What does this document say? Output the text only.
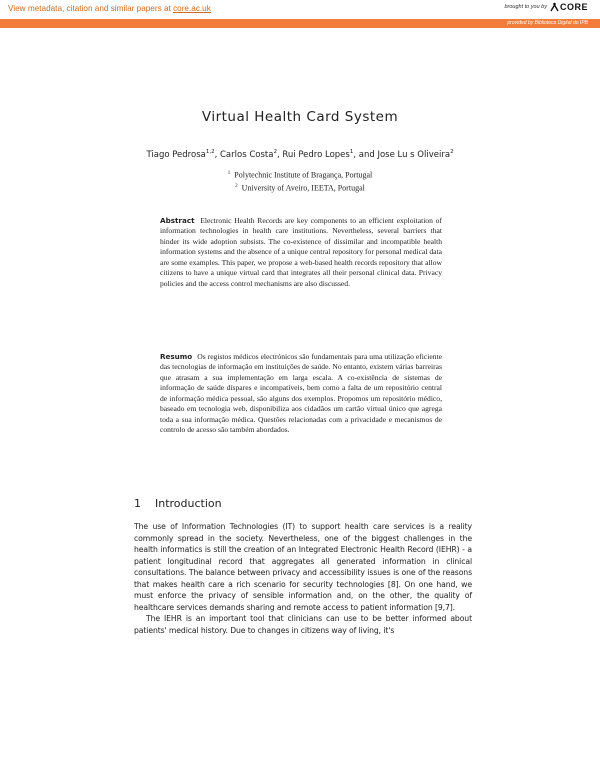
View metadata, citation and similar papers at core.ac.uk	brought to you by CORE
provided by Biblioteca Digital do IPB
Virtual Health Card System
Tiago Pedrosa$^{1,2}$, Carlos Costa$^2$, Rui Pedro Lopes$^1$, and Jose Lu s Oliveira$^2$
$^1$ Polytechnic Institute of Bragança, Portugal
$^2$ University of Aveiro, IEETA, Portugal
Abstract Electronic Health Records are key components to an efficient exploitation of information technologies in health care institutions. Nevertheless, several barriers that hinder its wide adoption subsists. The co-existence of dissimilar and incompatible health information systems and the absence of a unique central repository for personal medical data are some examples. This paper, we propose a web-based health records repository that allow citizens to have a unique virtual card that integrates all their personal clinical data. Privacy policies and the access control mechanisms are also discussed.
Resumo Os registos médicos electrónicos são fundamentais para uma utilização eficiente das tecnologias de informação em instituições de saúde. No entanto, existem várias barreiras que atrasam a sua implementação em larga escala. A co-existência de sistemas de informação de saúde díspares e incompatíveis, bem como a falta de um repositório central de informação médica pessoal, são alguns dos exemplos. Propomos um repositório médico, baseado em tecnologia web, disponibiliza aos cidadãos um cartão virtual único que agrega toda a sua informação médica. Questões relacionadas com a privacidade e mecanismos de controlo de acesso são também abordados.
1 Introduction

The use of Information Technologies (IT) to support health care services is a reality commonly spread in the society. Nevertheless, one of the biggest challenges in the health informatics is still the creation of an Integrated Electronic Health Record (IEHR) - a patient longitudinal record that aggregates all generated information in clinical consultations. The balance between privacy and accessibility issues is one of the reasons that makes health care a rich scenario for security technologies [8]. On one hand, we must enforce the privacy of sensible information and, on the other, the quality of healthcare services demands sharing and remote access to patient information [9,7].

The IEHR is an important tool that clinicians can use to be better informed about patients' medical history. Due to changes in citizens way of living, it's
